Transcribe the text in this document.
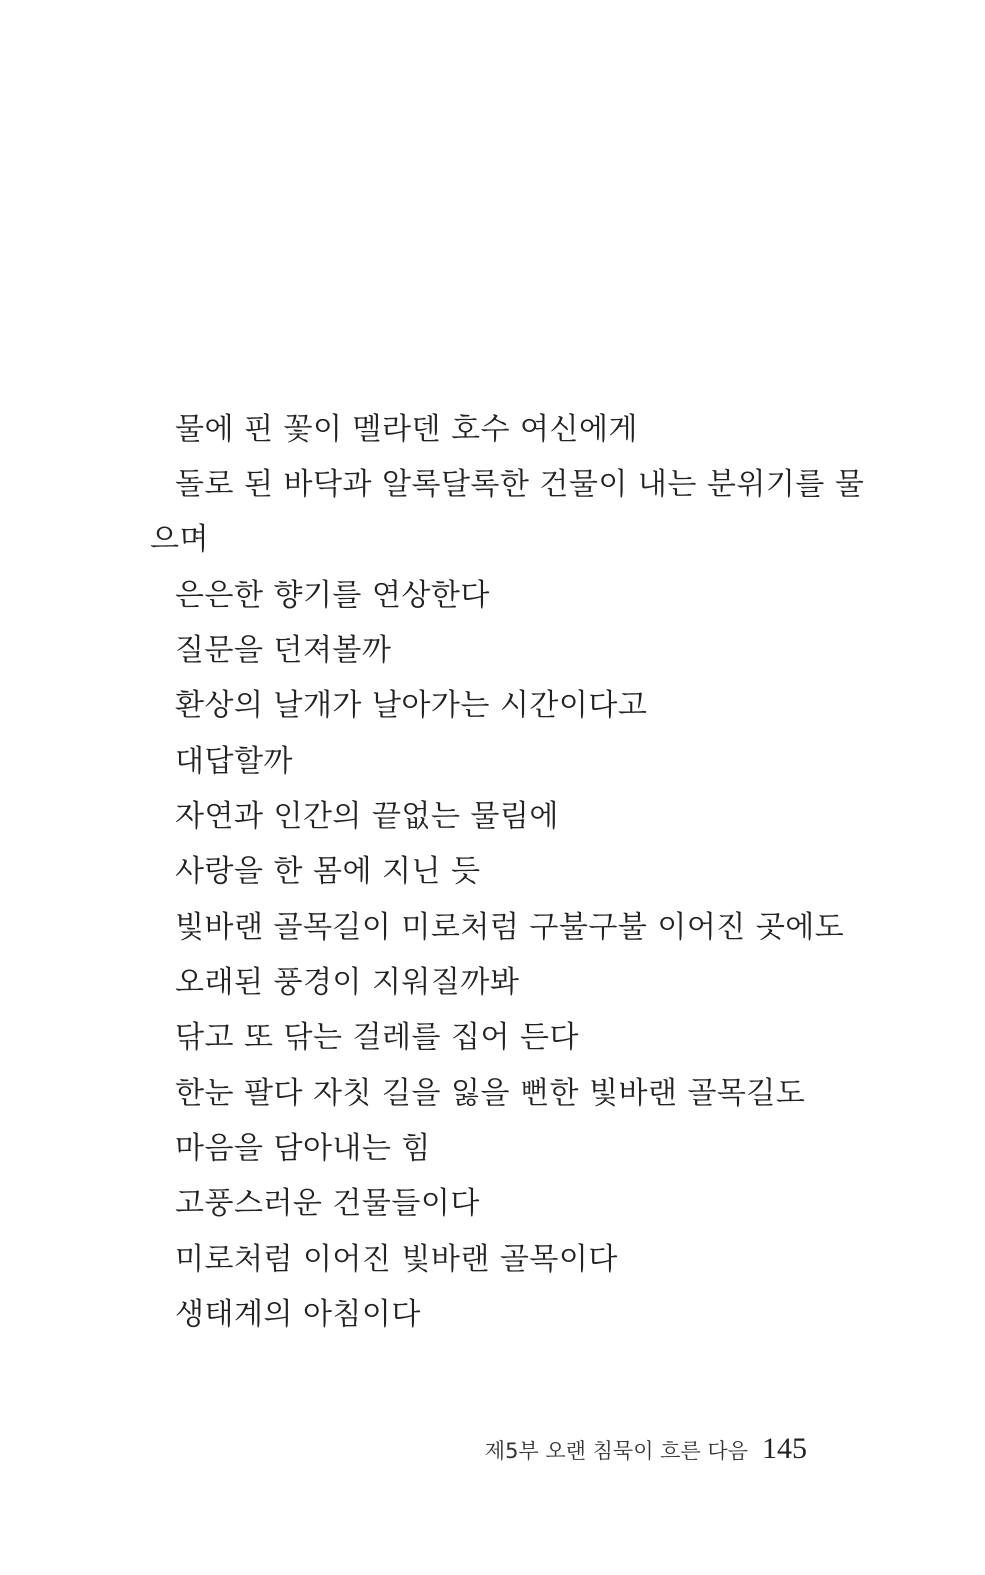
물에 핀 꽃이 멜라덴 호수 여신에게
돌로 된 바닥과 알록달록한 건물이 내는 분위기를 물
으며
은은한 향기를 연상한다
질문을 던져볼까
환상의 날개가 날아가는 시간이다고
대답할까
자연과 인간의 끝없는 물림에
사랑을 한 몸에 지닌 듯
빛바랜 골목길이 미로처럼 구불구불 이어진 곳에도
오래된 풍경이 지워질까봐
닦고 또 닦는 걸레를 집어 든다
한눈 팔다 자칫 길을 잃을 뻔한 빛바랜 골목길도
마음을 담아내는 힘
고풍스러운 건물들이다
미로처럼 이어진 빛바랜 골목이다
생태계의 아침이다
제5부 오랜 침묵이 흐른 다음 145
